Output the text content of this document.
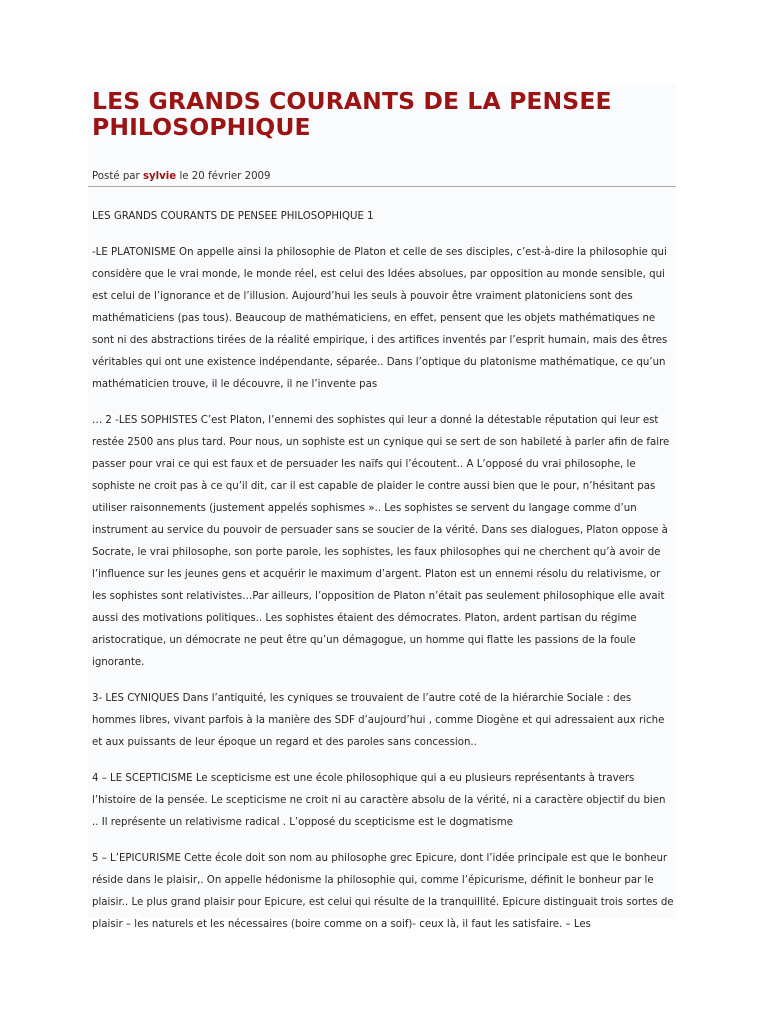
LES GRANDS COURANTS DE LA PENSEE PHILOSOPHIQUE
Posté par sylvie le 20 février 2009

LES GRANDS COURANTS DE PENSEE PHILOSOPHIQUE 1

-LE PLATONISME On appelle ainsi la philosophie de Platon et celle de ses disciples, c’est-à-dire la philosophie qui considère que le vrai monde, le monde réel, est celui des Idées absolues, par opposition au monde sensible, qui est celui de l’ignorance et de l’illusion. Aujourd’hui les seuls à pouvoir être vraiment platoniciens sont des mathématiciens (pas tous). Beaucoup de mathématiciens, en effet, pensent que les objets mathématiques ne sont ni des abstractions tirées de la réalité empirique, i des artifices inventés par l’esprit humain, mais des êtres véritables qui ont une existence indépendante, séparée.. Dans l’optique du platonisme mathématique, ce qu’un mathématicien trouve, il le découvre, il ne l’invente pas

… 2 -LES SOPHISTES C’est Platon, l’ennemi des sophistes qui leur a donné la détestable réputation qui leur est restée 2500 ans plus tard. Pour nous, un sophiste est un cynique qui se sert de son habileté à parler afin de faire passer pour vrai ce qui est faux et de persuader les naïfs qui l’écoutent.. A L’opposé du vrai philosophe, le sophiste ne croit pas à ce qu’il dit, car il est capable de plaider le contre aussi bien que le pour, n’hésitant pas utiliser raisonnements (justement appelés sophismes ».. Les sophistes se servent du langage comme d’un instrument au service du pouvoir de persuader sans se soucier de la vérité. Dans ses dialogues, Platon oppose à Socrate, le vrai philosophe, son porte parole, les sophistes, les faux philosophes qui ne cherchent qu’à avoir de l’influence sur les jeunes gens et acquérir le maximum d’argent. Platon est un ennemi résolu du relativisme, or les sophistes sont relativistes…Par ailleurs, l’opposition de Platon n’était pas seulement philosophique elle avait aussi des motivations politiques.. Les sophistes étaient des démocrates. Platon, ardent partisan du régime aristocratique, un démocrate ne peut être qu’un démagogue, un homme qui flatte les passions de la foule ignorante.

3- LES CYNIQUES Dans l’antiquité, les cyniques se trouvaient de l’autre coté de la hiérarchie Sociale : des hommes libres, vivant parfois à la manière des SDF d’aujourd’hui , comme Diogène et qui adressaient aux riche et aux puissants de leur époque un regard et des paroles sans concession..

4 – LE SCEPTICISME Le scepticisme est une école philosophique qui a eu plusieurs représentants à travers l’histoire de la pensée. Le scepticisme ne croit ni au caractère absolu de la vérité, ni a caractère objectif du bien .. Il représente un relativisme radical . L’opposé du scepticisme est le dogmatisme

5 – L’EPICURISME Cette école doit son nom au philosophe grec Epicure, dont l’idée principale est que le bonheur réside dans le plaisir,. On appelle hédonisme la philosophie qui, comme l’épicurisme, définit le bonheur par le plaisir.. Le plus grand plaisir pour Epicure, est celui qui résulte de la tranquillité. Epicure distinguait trois sortes de plaisir – les naturels et les nécessaires (boire comme on a soif)- ceux là, il faut les satisfaire. – Les
